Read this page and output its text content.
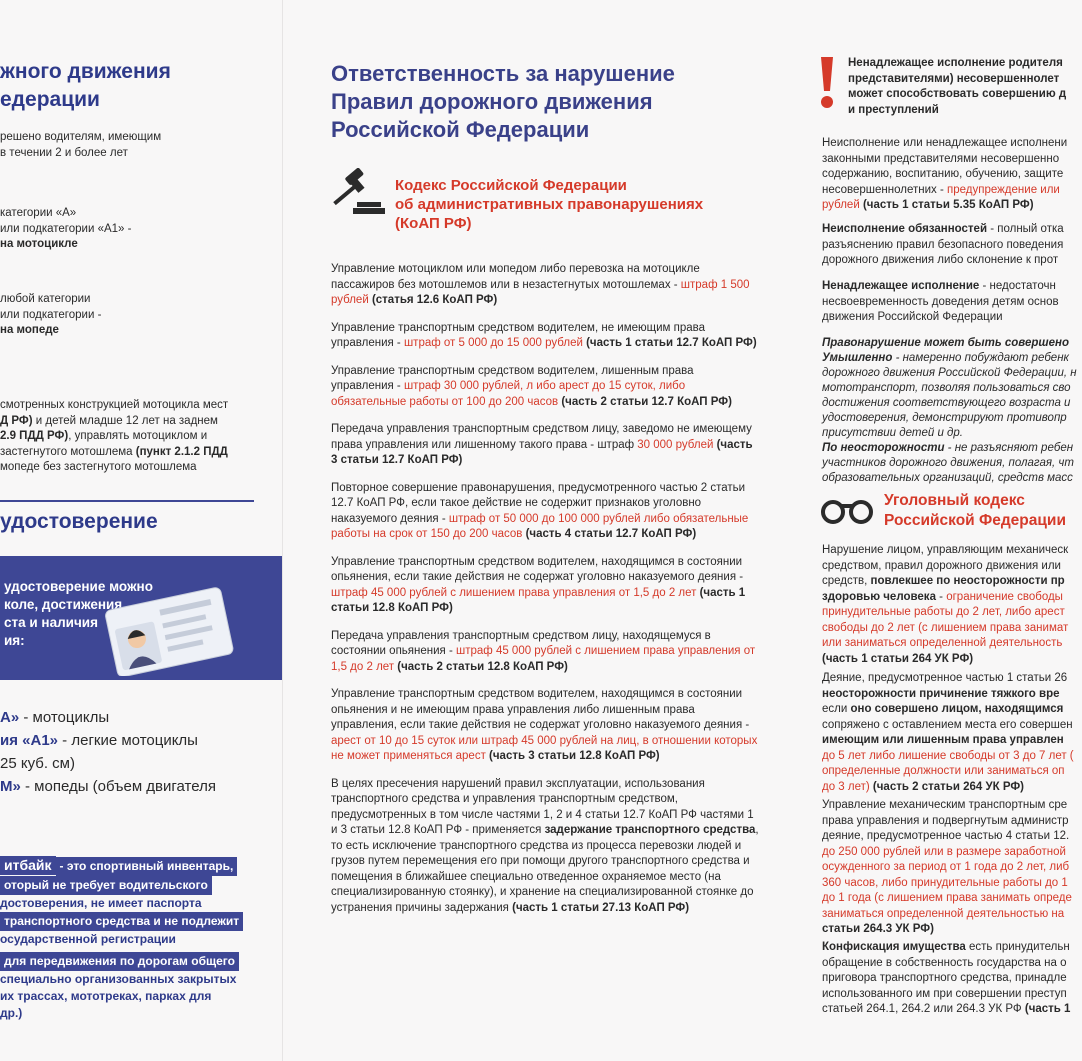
жного движения
едерации
решено водителям, имеющим
в течении 2 и более лет
категории «А»
или подкатегории «А1» -
на мотоцикле
любой категории
или подкатегории -
на мопеде
смотренных конструкцией мотоцикла мест
Д РФ) и детей младше 12 лет на заднем
2.9 ПДД РФ), управлять мотоциклом и
застегнутого мотошлема (пункт 2.1.2 ПДД
мопеде без застегнутого мотошлема
удостоверение
удостоверение можно
коле, достижения
ста и наличия
ия:
А» - мотоциклы
ия «А1» - легкие мотоциклы
25 куб. см)
М» - мопеды (объем двигателя
итбайк- это спортивный инвентарь,
оторый не требует водительского
достоверения, не имеет паспорта
транспортного средства и не подлежит
осударственной регистрации
для передвижения по дорогам общего
специально организованных закрытых
их трассах, мототреках, парках для
др.)
Ответственность за нарушение
Правил дорожного движения
Российской Федерации
Кодекс Российской Федерации
об административных правонарушениях
(КоАП РФ)

Управление мотоциклом или мопедом либо перевозка на мотоцикле пассажиров без мотошлемов или в незастегнутых мотошлемах - штраф 1 500 рублей (статья 12.6 КоАП РФ)

Управление транспортным средством водителем, не имеющим права управления - штраф от 5 000 до 15 000 рублей (часть 1 статьи 12.7 КоАП РФ)

Управление транспортным средством водителем, лишенным права управления - штраф 30 000 рублей, л ибо арест до 15 суток, либо обязательные работы от 100 до 200 часов (часть 2 статьи 12.7 КоАП РФ)

Передача управления транспортным средством лицу, заведомо не имеющему права управления или лишенному такого права - штраф 30 000 рублей (часть 3 статьи 12.7 КоАП РФ)

Повторное совершение правонарушения, предусмотренного частью 2 статьи 12.7 КоАП РФ, если такое действие не содержит признаков уголовно наказуемого деяния - штраф от 50 000 до 100 000 рублей либо обязательные работы на срок от 150 до 200 часов (часть 4 статьи 12.7 КоАП РФ)

Управление транспортным средством водителем, находящимся в состоянии опьянения, если такие действия не содержат уголовно наказуемого деяния - штраф 45 000 рублей с лишением права управления от 1,5 до 2 лет (часть 1 статьи 12.8 КоАП РФ)

Передача управления транспортным средством лицу, находящемуся в состоянии опьянения - штраф 45 000 рублей с лишением права управления от 1,5 до 2 лет (часть 2 статьи 12.8 КоАП РФ)

Управление транспортным средством водителем, находящимся в состоянии опьянения и не имеющим права управления либо лишенным права управления, если такие действия не содержат уголовно наказуемого деяния - арест от 10 до 15 суток или штраф 45 000 рублей на лиц, в отношении которых не может применяться арест (часть 3 статьи 12.8 КоАП РФ)

В целях пресечения нарушений правил эксплуатации, использования транспортного средства и управления транспортным средством, предусмотренных в том числе частями 1, 2 и 4 статьи 12.7 КоАП РФ частями 1 и 3 статьи 12.8 КоАП РФ - применяется задержание транспортного средства, то есть исключение транспортного средства из процесса перевозки людей и грузов путем перемещения его при помощи другого транспортного средства и помещения в ближайшее специально отведенное охраняемое место (на специализированную стоянку), и хранение на специализированной стоянке до устранения причины задержания (часть 1 статьи 27.13 КоАП РФ)

Ненадлежащее исполнение родителя
представителями) несовершеннолет
может способствовать совершению д
и преступлений
Неисполнение или ненадлежащее исполнени
законными представителями несовершенно
содержанию, воспитанию, обучению, защите
несовершеннолетних - предупреждение или
рублей (часть 1 статьи 5.35 КоАП РФ)
Неисполнение обязанностей - полный отка
разъяснению правил безопасного поведения
дорожного движения либо склонение к прот
Ненадлежащее исполнение - недостаточн
несвоевременность доведения детям основ
движения Российской Федерации
Правонарушение может быть совершено
Умышленно - намеренно побуждают ребенк
дорожного движения Российской Федерации, н
мототранспорт, позволяя пользоваться сво
достижения соответствующего возраста и
удостоверения, демонстрируют противопр
присутствии детей и др.
По неосторожности - не разъясняют ребен
участников дорожного движения, полагая, чт
образовательных организаций, средств масс
Уголовный кодекс
Российской Федерации
Нарушение лицом, управляющим механическ
средством, правил дорожного движения или
средств, повлекшее по неосторожности пр
здоровью человека - ограничение свободы
принудительные работы до 2 лет, либо арест
свободы до 2 лет (с лишением права занимат
или заниматься определенной деятельность
(часть 1 статьи 264 УК РФ)
Деяние, предусмотренное частью 1 статьи 26
неосторожности причинение тяжкого вре
если оно совершено лицом, находящимся
сопряжено с оставлением места его совершен
имеющим или лишенным права управлен
до 5 лет либо лишение свободы от 3 до 7 лет (
определенные должности или заниматься оп
до 3 лет) (часть 2 статьи 264 УК РФ)
Управление механическим транспортным сре
права управления и подвергнутым администр
деяние, предусмотренное частью 4 статьи 12.
до 250 000 рублей или в размере заработной
осужденного за период от 1 года до 2 лет, либ
360 часов, либо принудительные работы до 1
до 1 года (с лишением права занимать опреде
заниматься определенной деятельностью на
статьи 264.3 УК РФ)
Конфискация имущества есть принудительн
обращение в собственность государства на о
приговора транспортного средства, принадле
использованного им при совершении преступ
статьей 264.1, 264.2 или 264.3 УК РФ (часть 1
